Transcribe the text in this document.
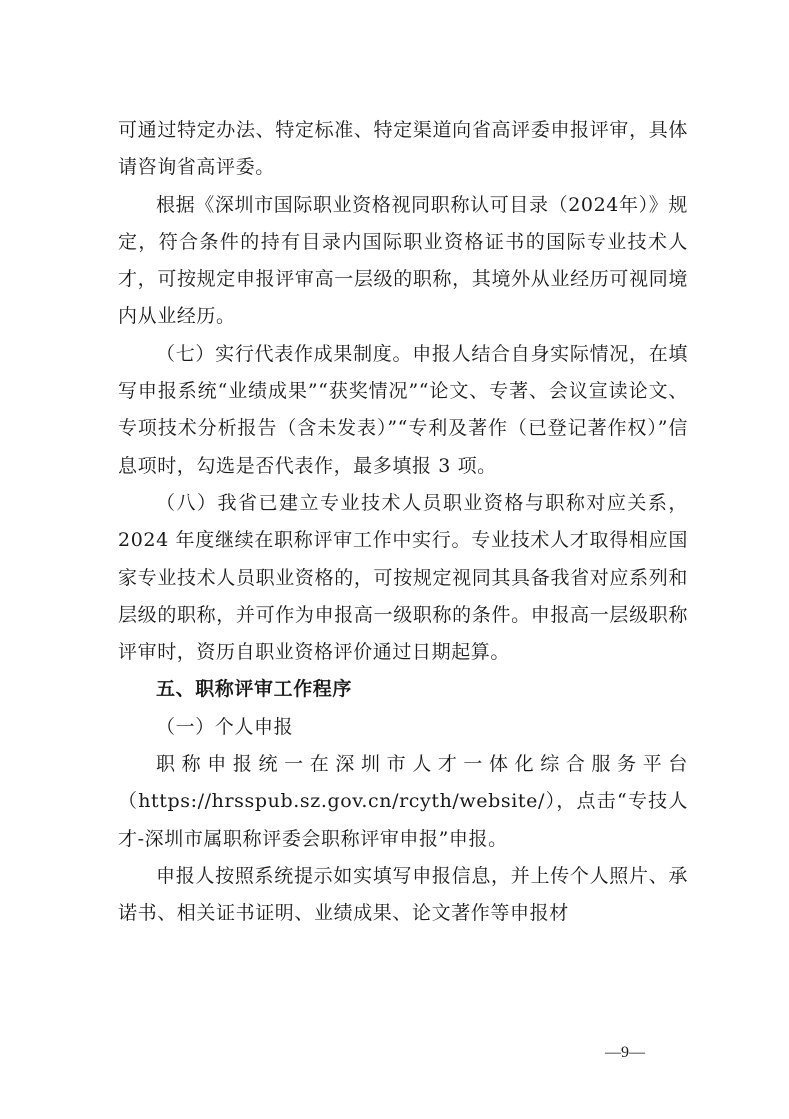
可通过特定办法、特定标准、特定渠道向省高评委申报评审，具体请咨询省高评委。

根据《深圳市国际职业资格视同职称认可目录（2024年）》规定，符合条件的持有目录内国际职业资格证书的国际专业技术人才，可按规定申报评审高一层级的职称，其境外从业经历可视同境内从业经历。

（七）实行代表作成果制度。申报人结合自身实际情况，在填写申报系统“业绩成果”“获奖情况”“论文、专著、会议宣读论文、专项技术分析报告（含未发表）”“专利及著作（已登记著作权）”信息项时，勾选是否代表作，最多填报 3 项。

（八）我省已建立专业技术人员职业资格与职称对应关系，2024 年度继续在职称评审工作中实行。专业技术人才取得相应国家专业技术人员职业资格的，可按规定视同其具备我省对应系列和层级的职称，并可作为申报高一级职称的条件。申报高一层级职称评审时，资历自职业资格评价通过日期起算。

五、职称评审工作程序

（一）个人申报

职称申报统一在深圳市人才一体化综合服务平台（https://hrsspub.sz.gov.cn/rcyth/website/），点击“专技人才-深圳市属职称评委会职称评审申报”申报。

申报人按照系统提示如实填写申报信息，并上传个人照片、承诺书、相关证书证明、业绩成果、论文著作等申报材

—9—
